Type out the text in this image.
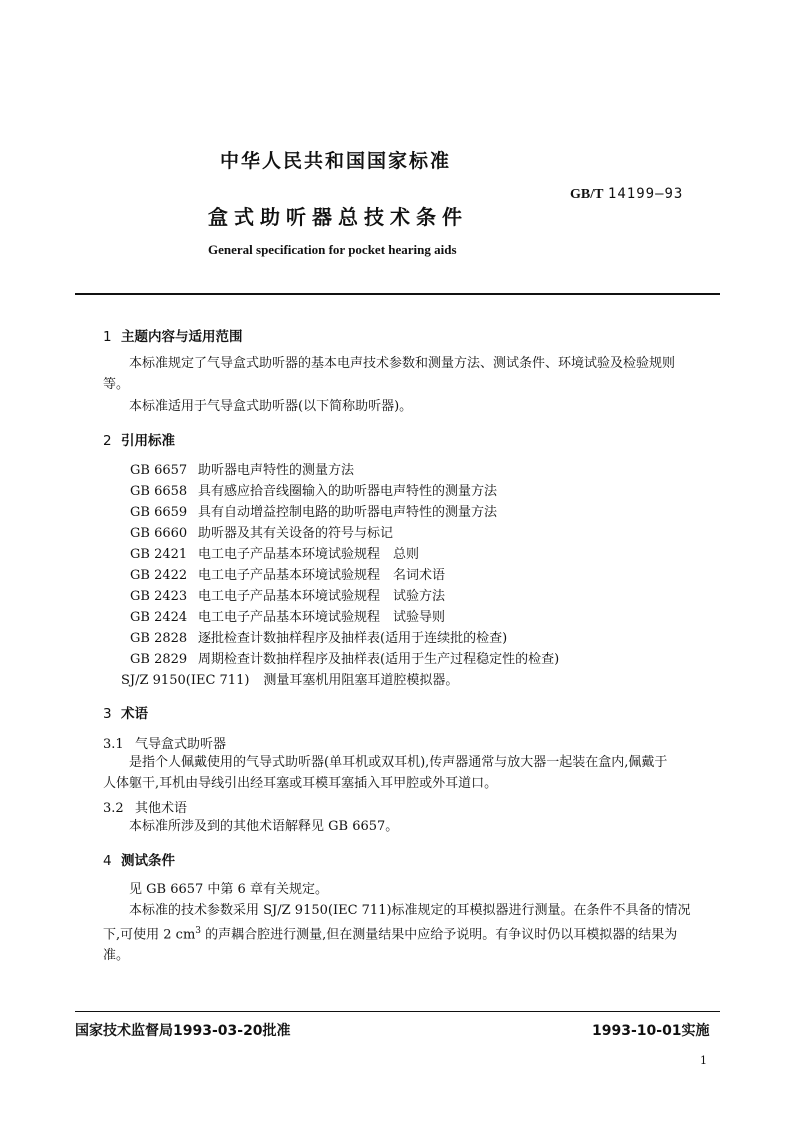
中华人民共和国国家标准
GB/T 14199—93
盒式助听器总技术条件
General specification for pocket hearing aids
1 主题内容与适用范围
本标准规定了气导盒式助听器的基本电声技术参数和测量方法、测试条件、环境试验及检验规则
等。
本标准适用于气导盒式助听器(以下简称助听器)。
2 引用标准
GB 6657 助听器电声特性的测量方法
GB 6658 具有感应拾音线圈输入的助听器电声特性的测量方法
GB 6659 具有自动增益控制电路的助听器电声特性的测量方法
GB 6660 助听器及其有关设备的符号与标记
GB 2421 电工电子产品基本环境试验规程　总则
GB 2422 电工电子产品基本环境试验规程　名词术语
GB 2423 电工电子产品基本环境试验规程　试验方法
GB 2424 电工电子产品基本环境试验规程　试验导则
GB 2828 逐批检查计数抽样程序及抽样表(适用于连续批的检查)
GB 2829 周期检查计数抽样程序及抽样表(适用于生产过程稳定性的检查)
SJ/Z 9150(IEC 711) 测量耳塞机用阻塞耳道腔模拟器。
3 术语
3.1 气导盒式助听器
是指个人佩戴使用的气导式助听器(单耳机或双耳机),传声器通常与放大器一起装在盒内,佩戴于
人体躯干,耳机由导线引出经耳塞或耳模耳塞插入耳甲腔或外耳道口。
3.2 其他术语
本标准所涉及到的其他术语解释见 GB 6657。
4 测试条件
见 GB 6657 中第 6 章有关规定。
本标准的技术参数采用 SJ/Z 9150(IEC 711)标准规定的耳模拟器进行测量。在条件不具备的情况
下,可使用 2 $cm^3$ 的声耦合腔进行测量,但在测量结果中应给予说明。有争议时仍以耳模拟器的结果为
准。
国家技术监督局1993-03-20批准	1993-10-01实施
1
